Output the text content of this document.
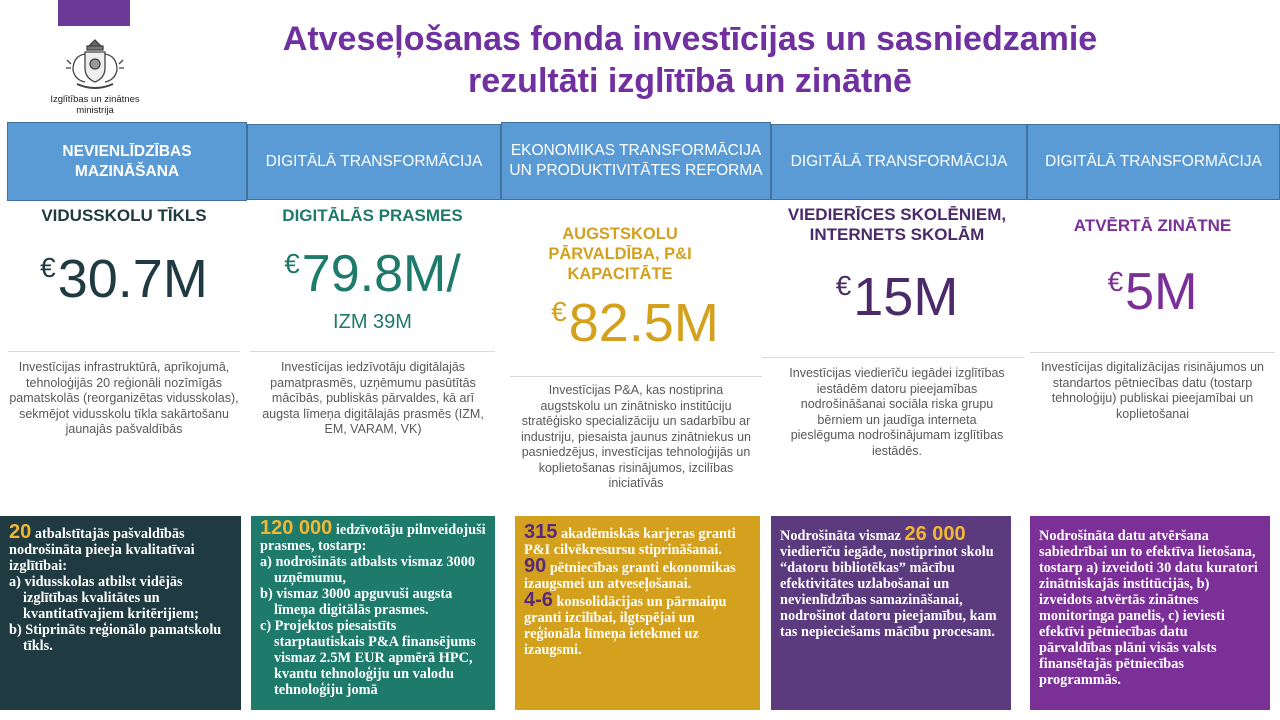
Izglītības un zinātnes
ministrija
Atveseļošanas fonda investīcijas un sasniedzamie
rezultāti izglītībā un zinātnē
NEVIENLĪDZĪBAS MAZINĀŠANA
DIGITĀLĀ TRANSFORMĀCIJA
EKONOMIKAS TRANSFORMĀCIJA UN PRODUKTIVITĀTES REFORMA
DIGITĀLĀ TRANSFORMĀCIJA	DIGITĀLĀ TRANSFORMĀCIJA
VIDUSSKOLU TĪKLS
€30.7M
Investīcijas infrastruktūrā, aprīkojumā, tehnoloģijās 20 reģionāli nozīmīgās pamatskolās (reorganizētas vidusskolas), sekmējot vidusskolu tīkla sakārtošanu jaunajās pašvaldībās
DIGITĀLĀS PRASMES
€79.8M/
IZM 39M
Investīcijas iedzīvotāju digitālajās pamatprasmēs, uzņēmumu pasūtītās mācībās, publiskās pārvaldes, kā arī augsta līmeņa digitālajās prasmēs (IZM, EM, VARAM, VK)
AUGSTSKOLU PĀRVALDĪBA, P&I KAPACITĀTE
€82.5M
Investīcijas P&A, kas nostiprina augstskolu un zinātnisko institūciju stratēģisko specializāciju un sadarbību ar industriju, piesaista jaunus zinātniekus un pasniedzējus, investīcijas tehnoloģijās un koplietošanas risinājumos, izcilības iniciatīvās
VIEDIERĪCES SKOLĒNIEM, INTERNETS SKOLĀM
€15M
Investīcijas viedierīču iegādei izglītības iestādēm datoru pieejamības nodrošināšanai sociāla riska grupu bērniem un jaudīga interneta pieslēguma nodrošinājumam izglītības iestādēs.
ATVĒRTĀ ZINĀTNE
€5M
Investīcijas digitalizācijas risinājumos un standartos pētniecības datu (tostarp tehnoloģiju) publiskai pieejamībai un koplietošanai
20 atbalstītajās pašvaldībās nodrošināta pieeja kvalitatīvai izglītībai:
a) vidusskolas atbilst vidējās izglītības kvalitātes un kvantitatīvajiem kritērijiem;
b) Stiprināts reģionālo pamatskolu tīkls.
120 000 iedzīvotāju pilnveidojuši prasmes, tostarp:
a) nodrošināts atbalsts vismaz 3000 uzņēmumu,
b) vismaz 3000 apguvuši augsta līmeņa digitālās prasmes.
c) Projektos piesaistīts starptautiskais P&A finansējums vismaz 2.5M EUR apmērā HPC, kvantu tehnoloģiju un valodu tehnoloģiju jomā
315 akadēmiskās karjeras granti P&I cilvēkresursu stiprināšanai.
90 pētniecības granti ekonomikas izaugsmei un atveseļošanai.
4-6 konsolidācijas un pārmaiņu granti izcilībai, ilgtspējai un reģionāla līmeņa ietekmei uz izaugsmi.
Nodrošināta vismaz 26 000 viedierīču iegāde, nostiprinot skolu “datoru bibliotēkas” mācību efektivitātes uzlabošanai un nevienlīdzības samazināšanai, nodrošinot datoru pieejamību, kam tas nepieciešams mācību procesam.
Nodrošināta datu atvēršana sabiedrībai un to efektīva lietošana, tostarp a) izveidoti 30 datu kuratori zinātniskajās institūcijās, b) izveidots atvērtās zinātnes monitoringa panelis, c) ieviesti efektīvi pētniecības datu pārvaldības plāni visās valsts finansētajās pētniecības programmās.
